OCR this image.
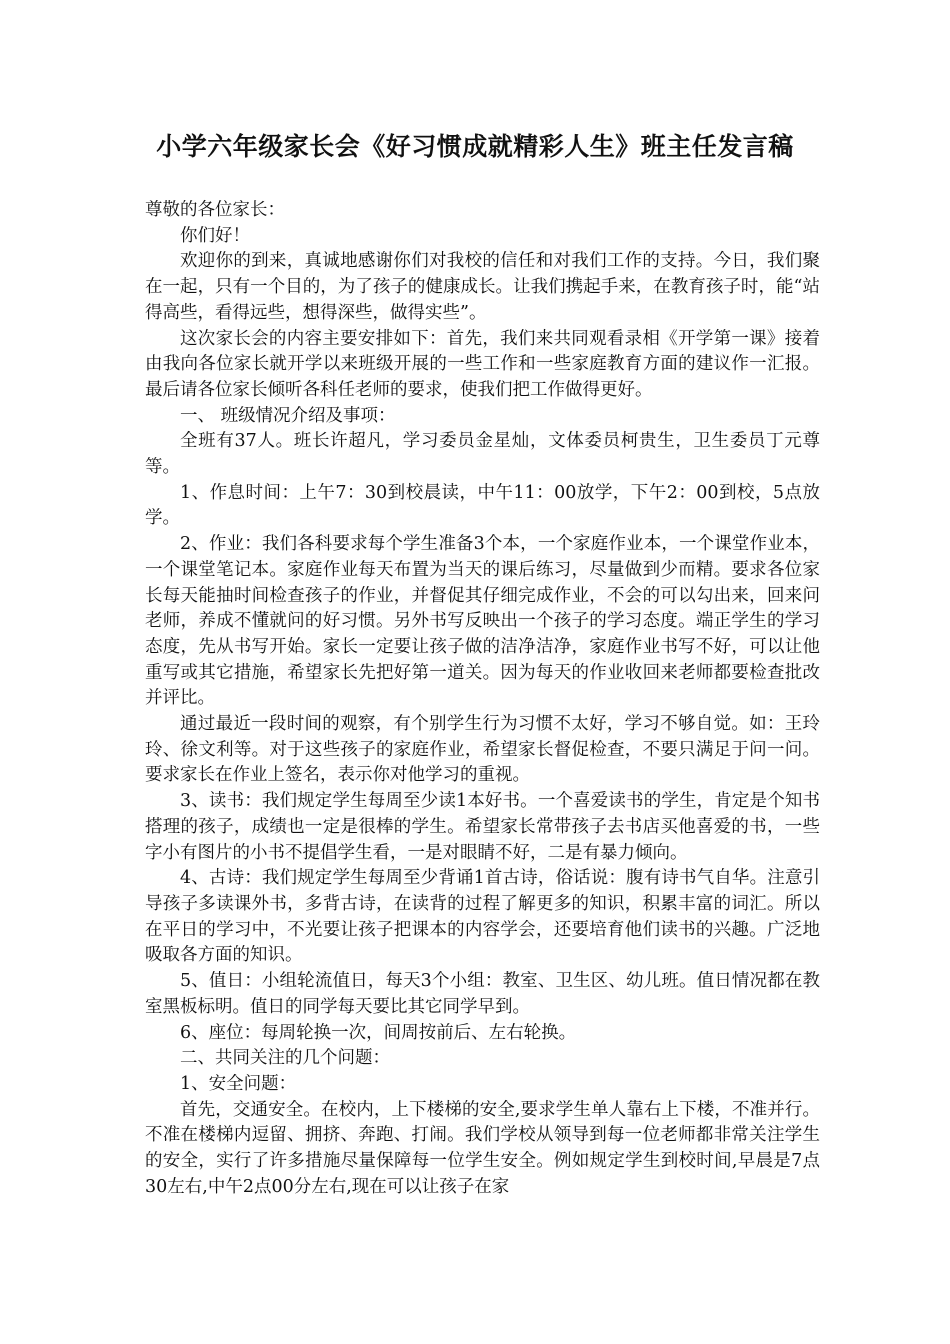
小学六年级家长会《好习惯成就精彩人生》班主任发言稿

尊敬的各位家长：

你们好！

欢迎你的到来，真诚地感谢你们对我校的信任和对我们工作的支持。今日，我们聚在一起，只有一个目的，为了孩子的健康成长。让我们携起手来，在教育孩子时，能“站得高些，看得远些，想得深些，做得实些”。

这次家长会的内容主要安排如下：首先，我们来共同观看录相《开学第一课》接着由我向各位家长就开学以来班级开展的一些工作和一些家庭教育方面的建议作一汇报。最后请各位家长倾听各科任老师的要求，使我们把工作做得更好。

一、 班级情况介绍及事项：

全班有37人。班长许超凡，学习委员金星灿，文体委员柯贵生，卫生委员丁元尊等。

1、作息时间：上午7：30到校晨读，中午11：00放学，下午2：00到校，5点放学。

2、作业：我们各科要求每个学生准备3个本，一个家庭作业本，一个课堂作业本，一个课堂笔记本。家庭作业每天布置为当天的课后练习，尽量做到少而精。要求各位家长每天能抽时间检查孩子的作业，并督促其仔细完成作业，不会的可以勾出来，回来问老师，养成不懂就问的好习惯。另外书写反映出一个孩子的学习态度。端正学生的学习态度，先从书写开始。家长一定要让孩子做的洁净洁净，家庭作业书写不好，可以让他重写或其它措施，希望家长先把好第一道关。因为每天的作业收回来老师都要检查批改并评比。

通过最近一段时间的观察，有个别学生行为习惯不太好，学习不够自觉。如：王玲玲、徐文利等。对于这些孩子的家庭作业，希望家长督促检查，不要只满足于问一问。要求家长在作业上签名，表示你对他学习的重视。

3、读书：我们规定学生每周至少读1本好书。一个喜爱读书的学生，肯定是个知书搭理的孩子，成绩也一定是很棒的学生。希望家长常带孩子去书店买他喜爱的书，一些字小有图片的小书不提倡学生看，一是对眼睛不好，二是有暴力倾向。

4、古诗：我们规定学生每周至少背诵1首古诗，俗话说：腹有诗书气自华。注意引导孩子多读课外书，多背古诗，在读背的过程了解更多的知识，积累丰富的词汇。所以在平日的学习中，不光要让孩子把课本的内容学会，还要培育他们读书的兴趣。广泛地吸取各方面的知识。

5、值日：小组轮流值日，每天3个小组：教室、卫生区、幼儿班。值日情况都在教室黑板标明。值日的同学每天要比其它同学早到。

6、座位：每周轮换一次，间周按前后、左右轮换。

二、共同关注的几个问题：

1、安全问题：

首先，交通安全。在校内，上下楼梯的安全,要求学生单人靠右上下楼，不准并行。不准在楼梯内逗留、拥挤、奔跑、打闹。我们学校从领导到每一位老师都非常关注学生的安全，实行了许多措施尽量保障每一位学生安全。例如规定学生到校时间,早晨是7点30左右,中午2点00分左右,现在可以让孩子在家
